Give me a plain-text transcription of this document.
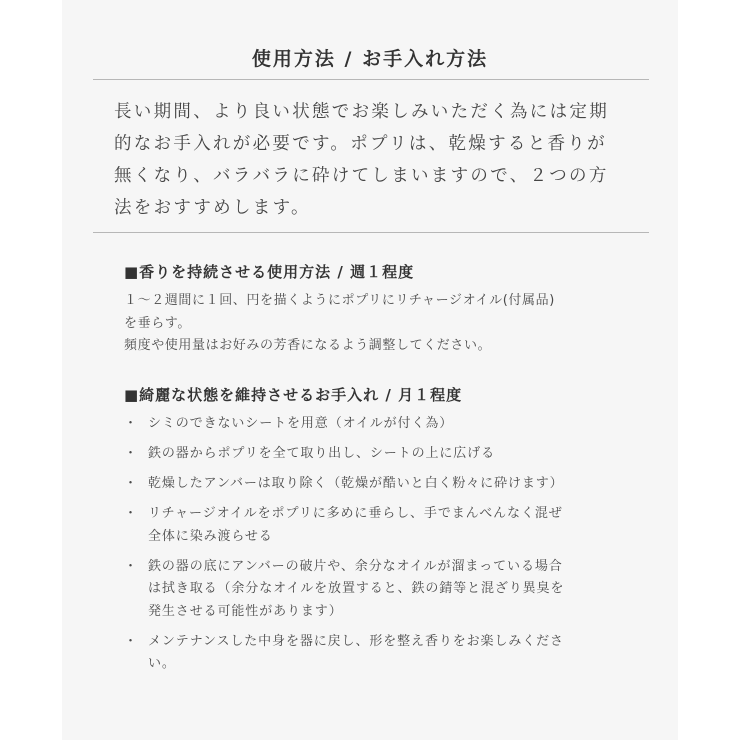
使用方法 / お手入れ方法

長い期間、より良い状態でお楽しみいただく為には定期

的なお手入れが必要です。ポプリは、乾燥すると香りが

無くなり、バラバラに砕けてしまいますので、２つの方

法をおすすめします。

■香りを持続させる使用方法 / 週１程度

１～２週間に１回、円を描くようにポプリにリチャージオイル(付属品)

を垂らす。

頻度や使用量はお好みの芳香になるよう調整してください。

■綺麗な状態を維持させるお手入れ / 月１程度
・ シミのできないシートを用意（オイルが付く為）

・ 鉄の器からポプリを全て取り出し、シートの上に広げる

・ 乾燥したアンバーは取り除く（乾燥が酷いと白く粉々に砕けます）

・ リチャージオイルをポプリに多めに垂らし、手でまんべんなく混ぜ

全体に染み渡らせる

・ 鉄の器の底にアンバーの破片や、余分なオイルが溜まっている場合

は拭き取る（余分なオイルを放置すると、鉄の錆等と混ざり異臭を

発生させる可能性があります）

・ メンテナンスした中身を器に戻し、形を整え香りをお楽しみくださ

い。
